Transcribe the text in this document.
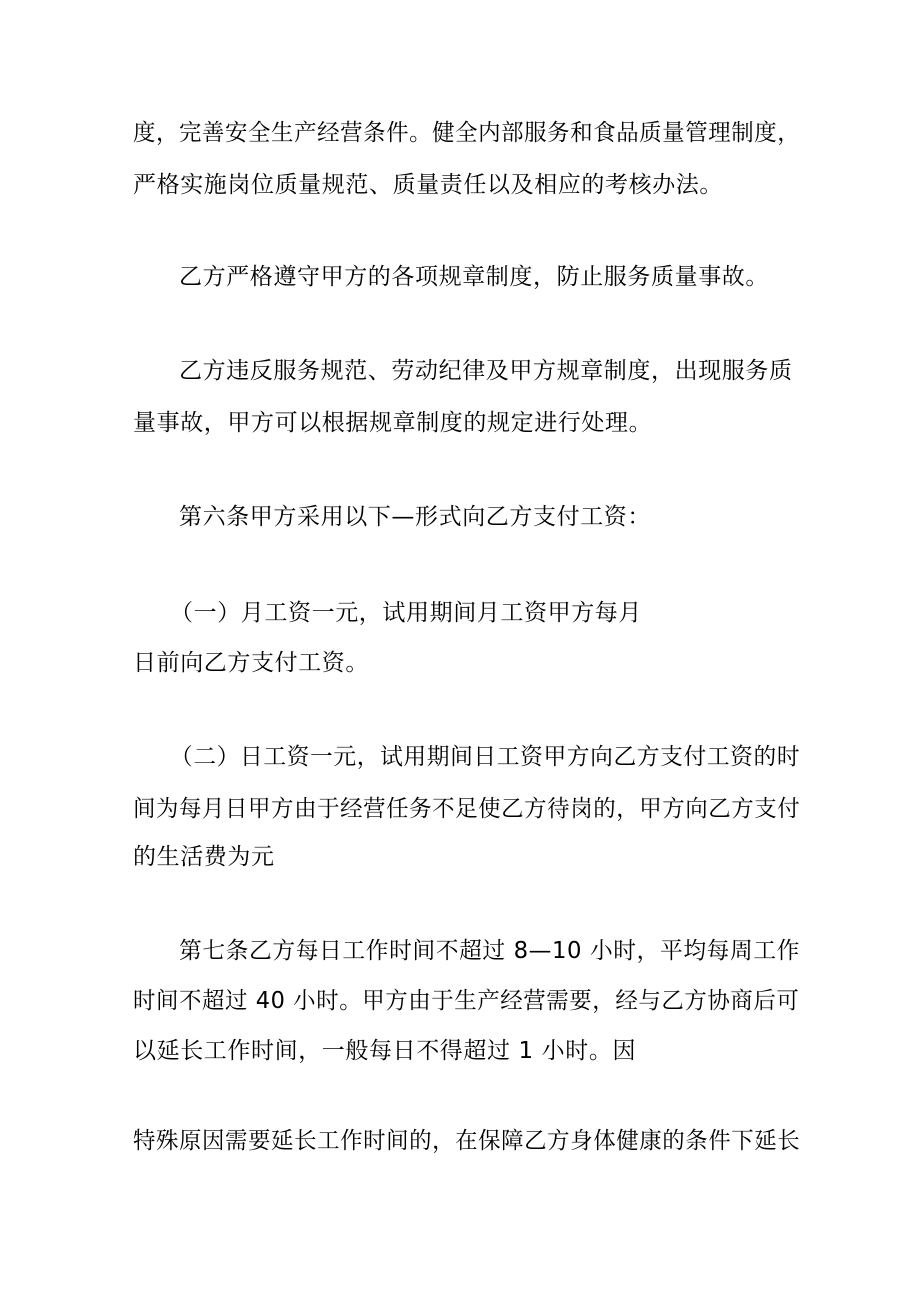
度，完善安全生产经营条件。健全内部服务和食品质量管理制度，
严格实施岗位质量规范、质量责任以及相应的考核办法。
乙方严格遵守甲方的各项规章制度，防止服务质量事故。
乙方违反服务规范、劳动纪律及甲方规章制度，出现服务质
量事故，甲方可以根据规章制度的规定进行处理。
第六条甲方采用以下—形式向乙方支付工资：
（一）月工资一元，试用期间月工资甲方每月
日前向乙方支付工资。
（二）日工资一元，试用期间日工资甲方向乙方支付工资的时
间为每月日甲方由于经营任务不足使乙方待岗的，甲方向乙方支付
的生活费为元
第七条乙方每日工作时间不超过 8—10 小时，平均每周工作
时间不超过 40 小时。甲方由于生产经营需要，经与乙方协商后可
以延长工作时间，一般每日不得超过 1 小时。因
特殊原因需要延长工作时间的，在保障乙方身体健康的条件下延长
